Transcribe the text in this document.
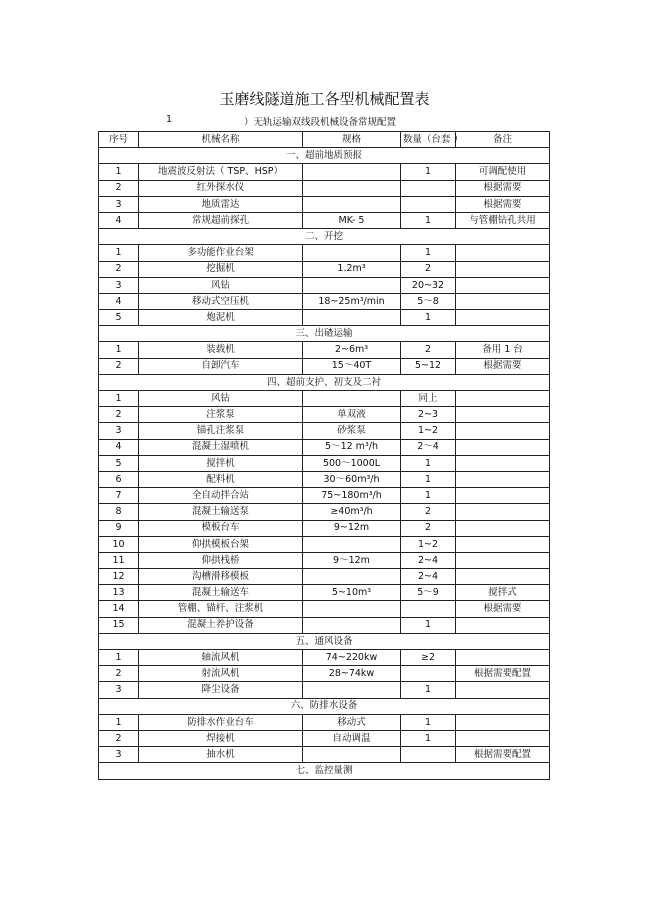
玉磨线隧道施工各型机械配置表
1	）无轨运输双线段机械设备常规配置
序号	机械名称	规格	数量（台套 ）	备注
一、超前地质预报				
1	地震波反射法（ TSP、HSP）		1	可调配使用
2	红外探水仪			根据需要
3	地质雷达			根据需要
4	常规超前探孔	MK- 5	1	与管棚钻孔共用
二、开挖				
1	多功能作业台架		1	
2	挖掘机	1.2m³	2	
3	风钻		20~32	
4	移动式空压机	18~25m³/min	5～8	
5	炮泥机		1	
三、出碴运输				
1	装载机	2~6m³	2	备用 1 台
2	自卸汽车	15～40T	5~12	根据需要
四、超前支护、初支及二衬				
1	风钻		同上	
2	注浆泵	单双液	2~3	
3	锚孔注浆泵	砂浆泵	1~2	
4	混凝土湿喷机	5～12 m³/h	2～4	
5	搅拌机	500～1000L	1	
6	配料机	30～60m³/h	1	
7	全自动拌合站	75~180m³/h	1	
8	混凝土输送泵	≥40m³/h	2	
9	模板台车	9~12m	2	
10	仰拱模板台架		1~2	
11	仰拱栈桥	9～12m	2~4	
12	沟槽滑移模板		2~4	
13	混凝土输送车	5~10m³	5～9	搅拌式
14	管棚、锚杆、注浆机			根据需要
15	混凝土养护设备		1	
五、通风设备				
1	轴流风机	74~220kw	≥2	
2	射流风机	28~74kw		根据需要配置
3	降尘设备		1	
六、防排水设备				
1	防排水作业台车	移动式	1	
2	焊接机	自动调温	1	
3	抽水机			根据需要配置
七、监控量测				
